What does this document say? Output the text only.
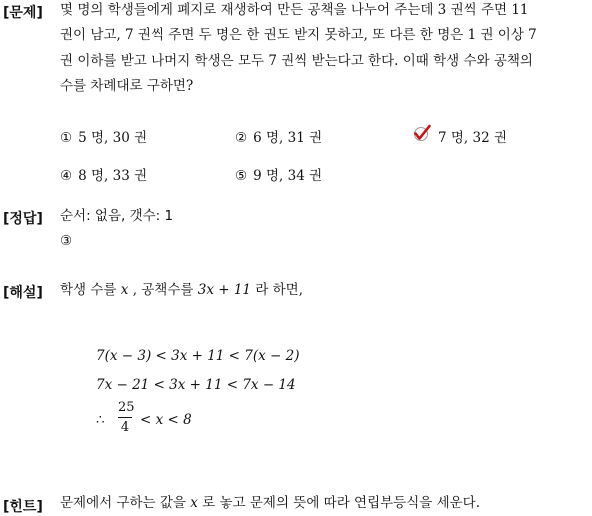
[문제] 몇 명의 학생들에게 폐지로 재생하여 만든 공책을 나누어 주는데 3 권씩 주면 11
권이 남고, 7 권씩 주면 두 명은 한 권도 받지 못하고, 또 다른 한 명은 1 권 이상 7
권 이하를 받고 나머지 학생은 모두 7 권씩 받는다고 한다. 이때 학생 수와 공책의
수를 차례대로 구하면?
① 5 명, 30 권	② 6 명, 31 권	7 명, 32 권
④ 8 명, 33 권	⑤ 9 명, 34 권
[정답] 순서: 없음, 갯수: 1
③
[해설] 학생 수를 x , 공책수를 3x + 11 라 하면,
7(x − 3) < 3x + 11 < 7(x − 2)
7x − 21 < 3x + 11 < 7x − 14
∴
25
4 < x < 8
[힌트] 문제에서 구하는 값을 x 로 놓고 문제의 뜻에 따라 연립부등식을 세운다.
